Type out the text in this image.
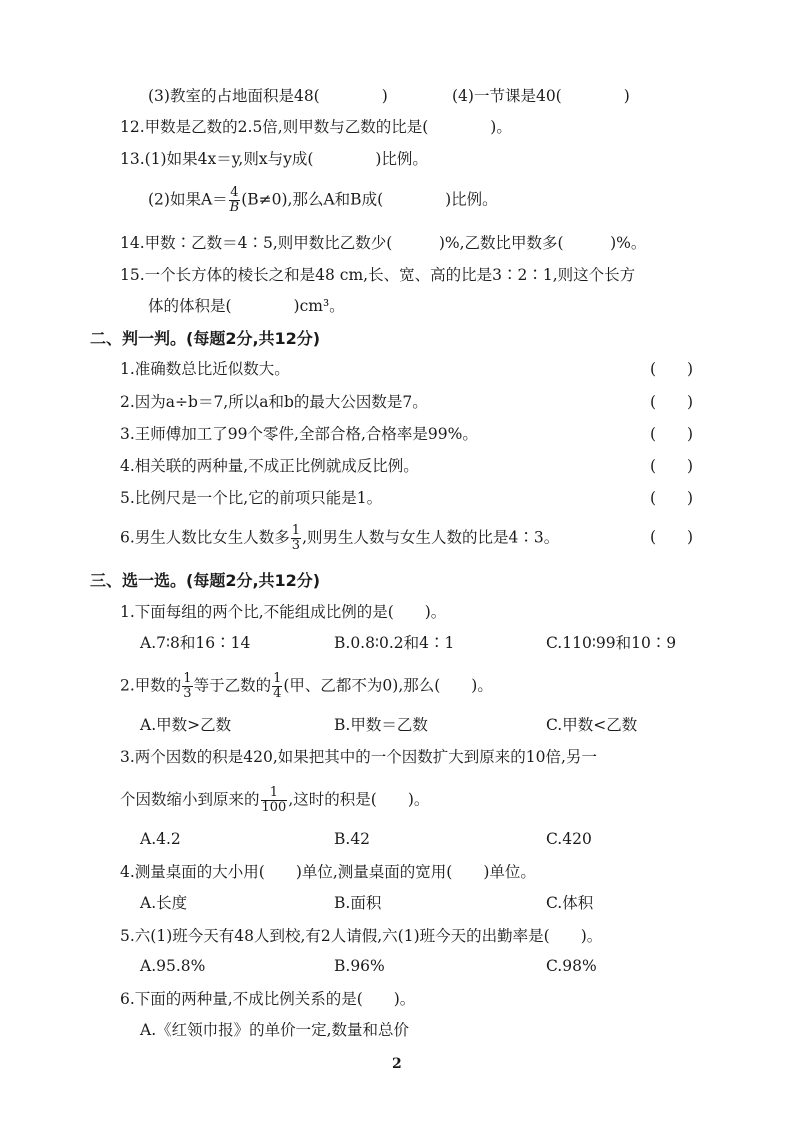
(3)教室的占地面积是48(　　　　)	(4)一节课是40(　　　　)
12.甲数是乙数的2.5倍,则甲数与乙数的比是(　　　　)。
13.(1)如果4x＝y,则x与y成(　　　　)比例。
(2)如果$A= \frac{4}{B} (B\ne 0)$,那么A和B成(　　　　)比例。
14.甲数∶乙数＝4∶5,则甲数比乙数少(　　　)%,乙数比甲数多(　　　)%。
15.一个长方体的棱长之和是48 cm,长、宽、高的比是3∶2∶1,则这个长方
体的体积是(　　　　)cm³。
二、判一判。(每题2分,共12分)
1.准确数总比近似数大。	(　　)
2.因为a÷b＝7,所以a和b的最大公因数是7。	(　　)
3.王师傅加工了99个零件,全部合格,合格率是99%。	(　　)
4.相关联的两种量,不成正比例就成反比例。	(　　)
5.比例尺是一个比,它的前项只能是1。	(　　)
6.男生人数比女生人数多 $\frac{1}{3}$ ,则男生人数与女生人数的比是4∶3。	(　　)
三、选一选。(每题2分,共12分)
1.下面每组的两个比,不能组成比例的是(　　)。
A.7∶8和16∶14	B.0.8∶0.2和4∶1	C.110∶99和10∶9
2.甲数的 $\frac{1}{3}$ 等于乙数的 $\frac{1}{4}$ (甲、乙都不为0),那么(　　)。
A.甲数>乙数	B.甲数＝乙数	C.甲数<乙数
3.两个因数的积是420,如果把其中的一个因数扩大到原来的10倍,另一
个因数缩小到原来的 $\frac{1}{100}$ ,这时的积是(　　)。
A.4.2	B.42	C.420
4.测量桌面的大小用(　　)单位,测量桌面的宽用(　　)单位。
A.长度	B.面积	C.体积
5.六(1)班今天有48人到校,有2人请假,六(1)班今天的出勤率是(　　)。
A.95.8%	B.96%	C.98%
6.下面的两种量,不成比例关系的是(　　)。
A.《红领巾报》的单价一定,数量和总价
2
